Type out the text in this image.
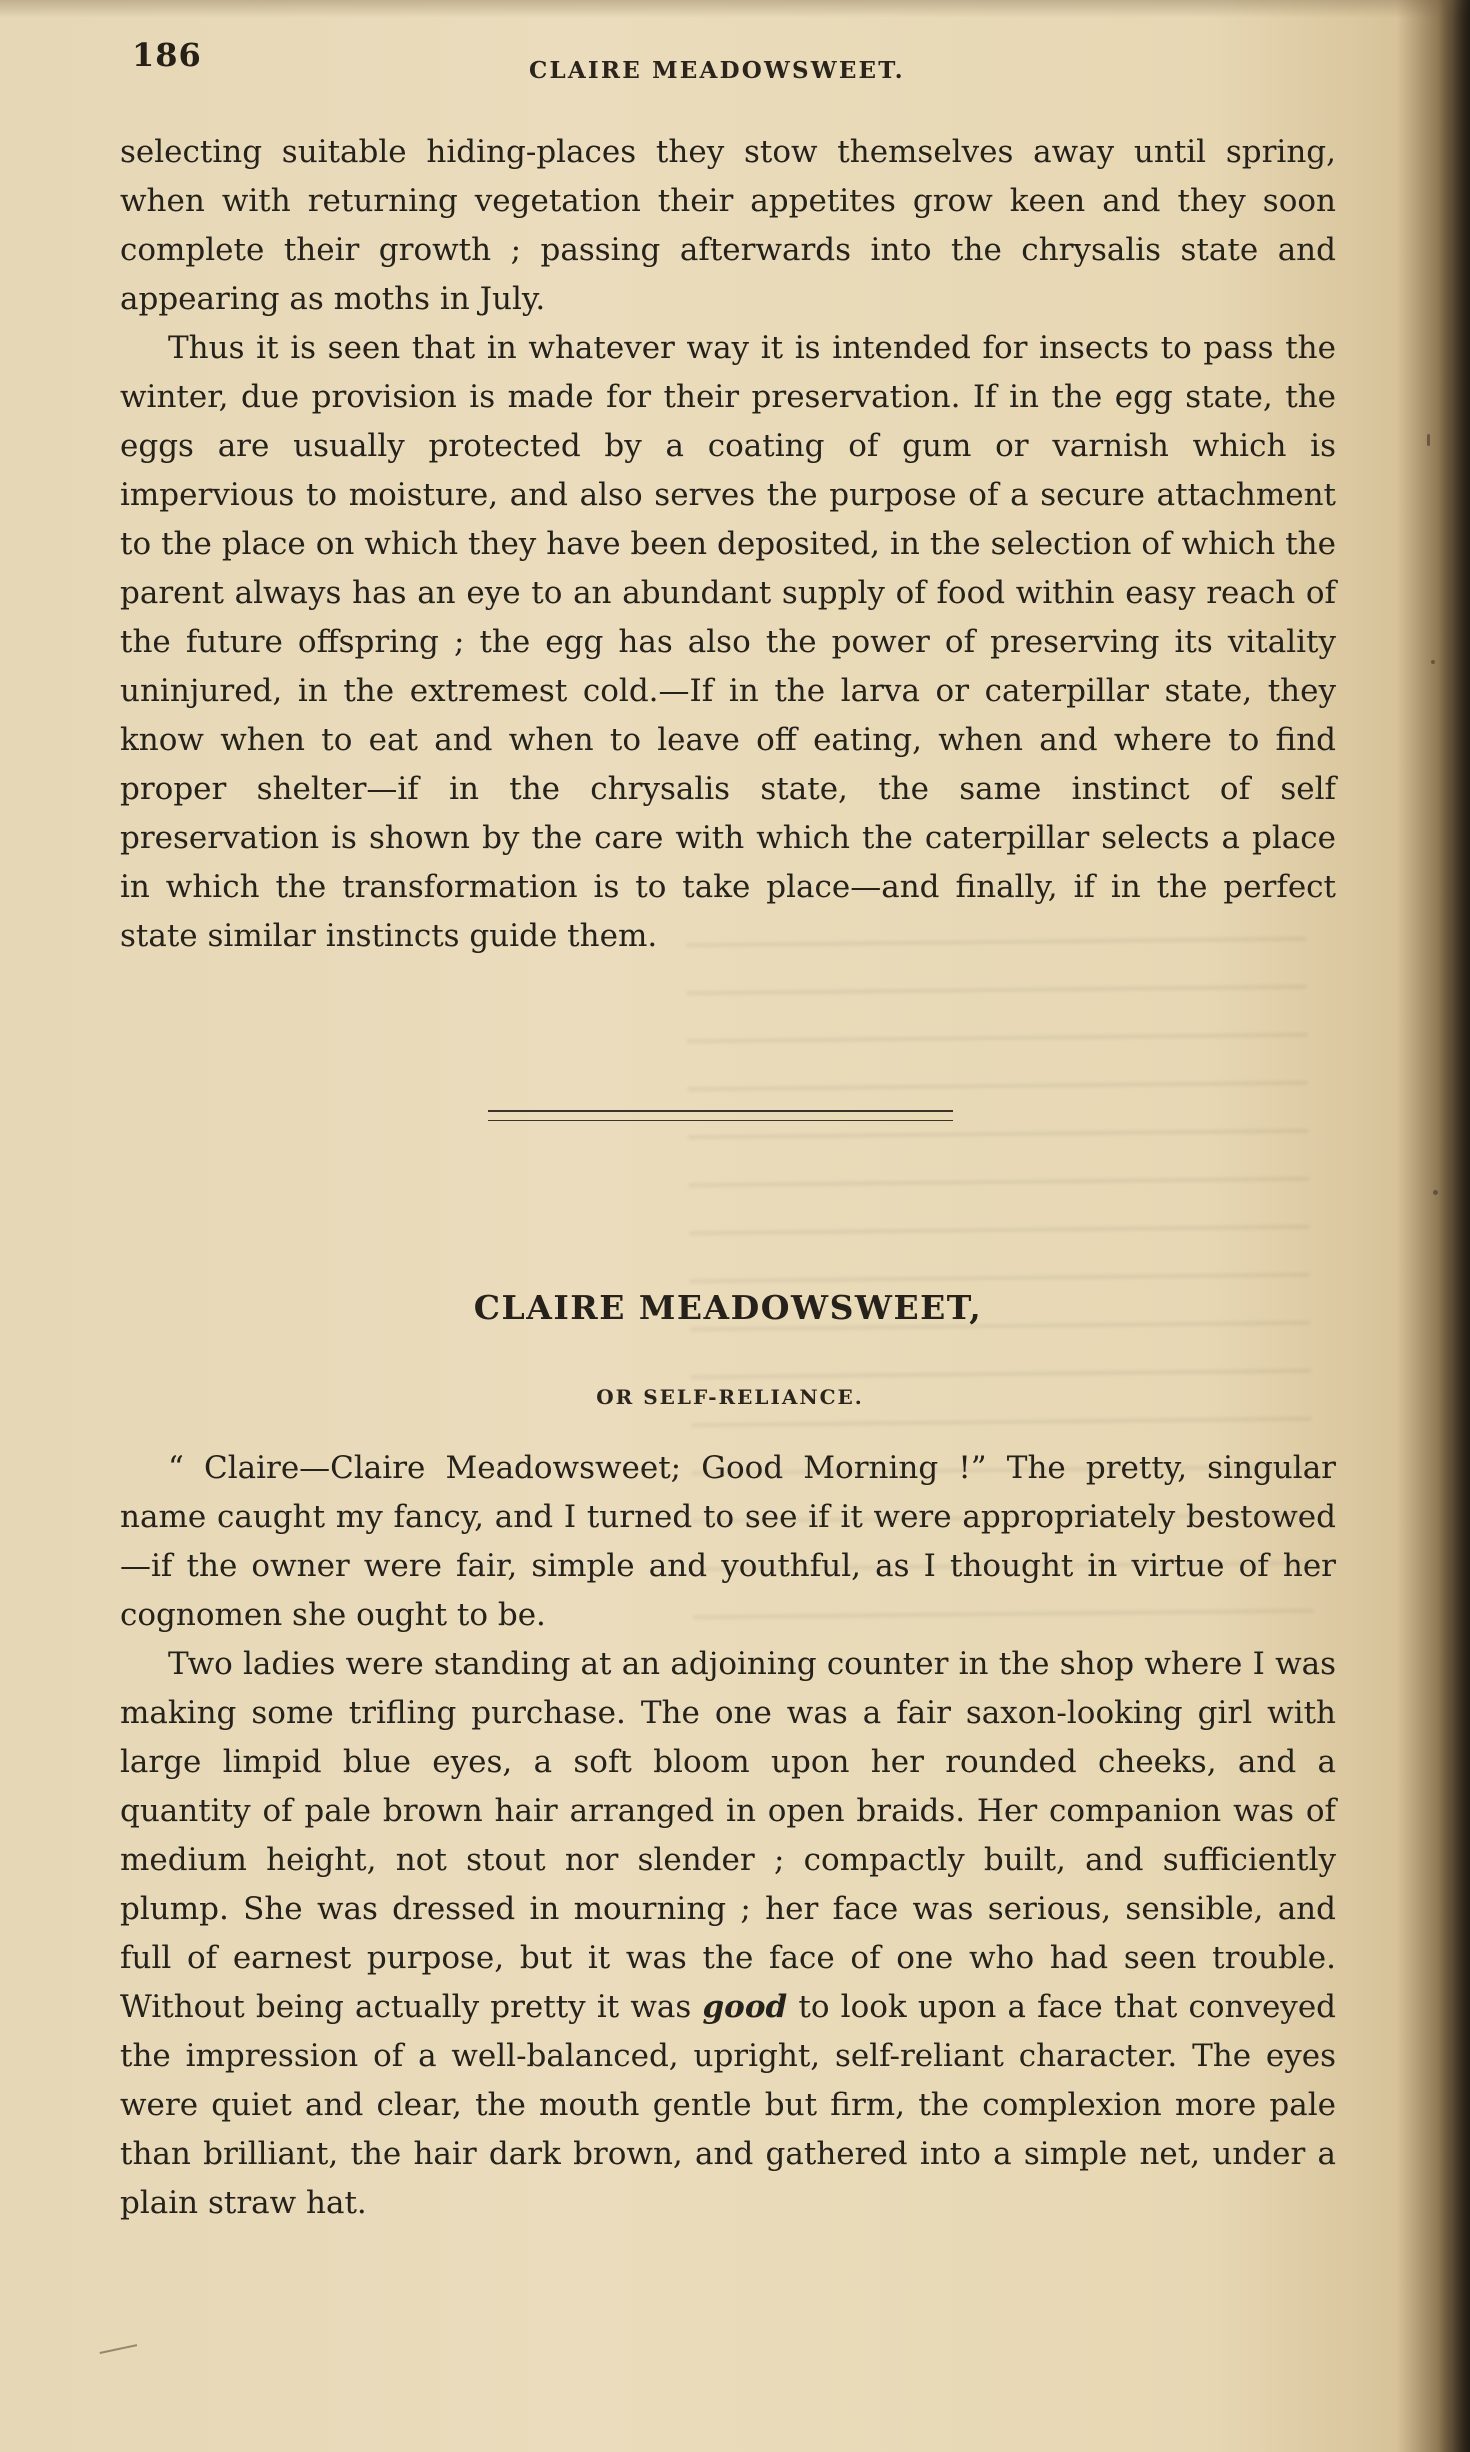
186	CLAIRE MEADOWSWEET.

selecting suitable hiding-places they stow themselves away until spring, when with returning vegetation their appetites grow keen and they soon complete their growth ; passing afterwards into the chrysalis state and appearing as moths in July.

Thus it is seen that in whatever way it is intended for insects to pass the winter, due provision is made for their preservation. If in the egg state, the eggs are usually protected by a coating of gum or varnish which is impervious to moisture, and also serves the purpose of a secure attachment to the place on which they have been deposited, in the selection of which the parent always has an eye to an abundant supply of food within easy reach of the future offspring ; the egg has also the power of preserving its vitality uninjured, in the extremest cold.—If in the larva or caterpillar state, they know when to eat and when to leave off eating, when and where to find proper shelter—if in the chrysalis state, the same instinct of self preservation is shown by the care with which the caterpillar selects a place in which the transformation is to take place—and finally, if in the perfect state similar instincts guide them.

CLAIRE MEADOWSWEET,
OR SELF-RELIANCE.

“ Claire—Claire Meadowsweet; Good Morning !” The pretty, singular name caught my fancy, and I turned to see if it were appropriately bestowed—if the owner were fair, simple and youthful, as I thought in virtue of her cognomen she ought to be.

Two ladies were standing at an adjoining counter in the shop where I was making some trifling purchase. The one was a fair saxon-looking girl with large limpid blue eyes, a soft bloom upon her rounded cheeks, and a quantity of pale brown hair arranged in open braids. Her companion was of medium height, not stout nor slender ; compactly built, and sufficiently plump. She was dressed in mourning ; her face was serious, sensible, and full of earnest purpose, but it was the face of one who had seen trouble. Without being actually pretty it was good to look upon a face that conveyed the impression of a well-balanced, upright, self-reliant character. The eyes were quiet and clear, the mouth gentle but firm, the complexion more pale than brilliant, the hair dark brown, and gathered into a simple net, under a plain straw hat.
